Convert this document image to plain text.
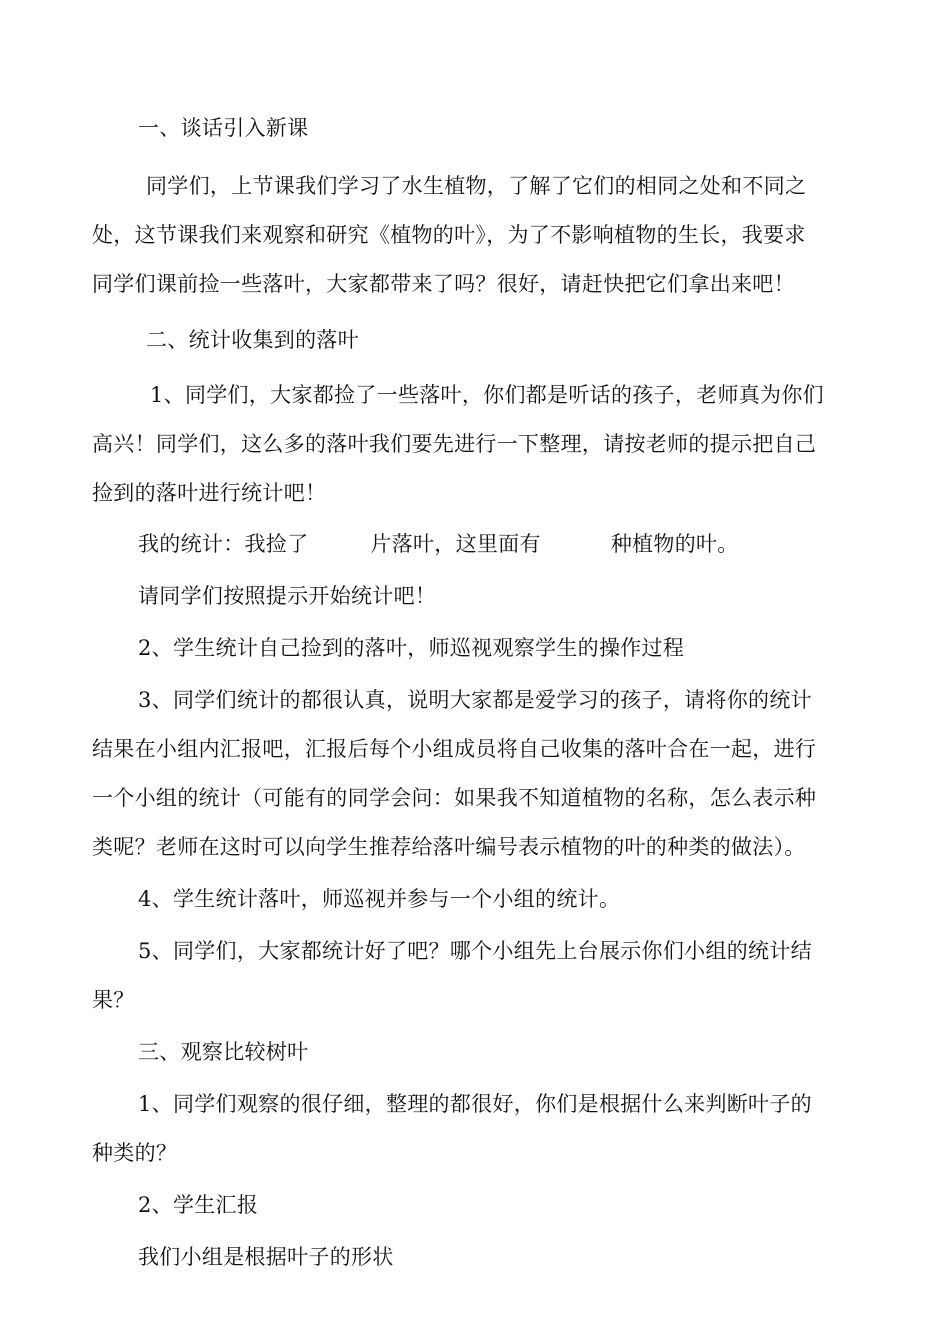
一、谈话引入新课
同学们，上节课我们学习了水生植物，了解了它们的相同之处和不同之
处，这节课我们来观察和研究《植物的叶》，为了不影响植物的生长，我要求
同学们课前捡一些落叶，大家都带来了吗？很好，请赶快把它们拿出来吧！
二、统计收集到的落叶
1、同学们，大家都捡了一些落叶，你们都是听话的孩子，老师真为你们
高兴！同学们，这么多的落叶我们要先进行一下整理，请按老师的提示把自己
捡到的落叶进行统计吧！
我的统计：我捡了	片落叶，这里面有	种植物的叶。
请同学们按照提示开始统计吧！
2、学生统计自己捡到的落叶，师巡视观察学生的操作过程
3、同学们统计的都很认真，说明大家都是爱学习的孩子，请将你的统计
结果在小组内汇报吧，汇报后每个小组成员将自己收集的落叶合在一起，进行
一个小组的统计（可能有的同学会问：如果我不知道植物的名称，怎么表示种
类呢？老师在这时可以向学生推荐给落叶编号表示植物的叶的种类的做法）。
4、学生统计落叶，师巡视并参与一个小组的统计。
5、同学们，大家都统计好了吧？哪个小组先上台展示你们小组的统计结
果？
三、观察比较树叶
1、同学们观察的很仔细，整理的都很好，你们是根据什么来判断叶子的
种类的？
2、学生汇报
我们小组是根据叶子的形状
